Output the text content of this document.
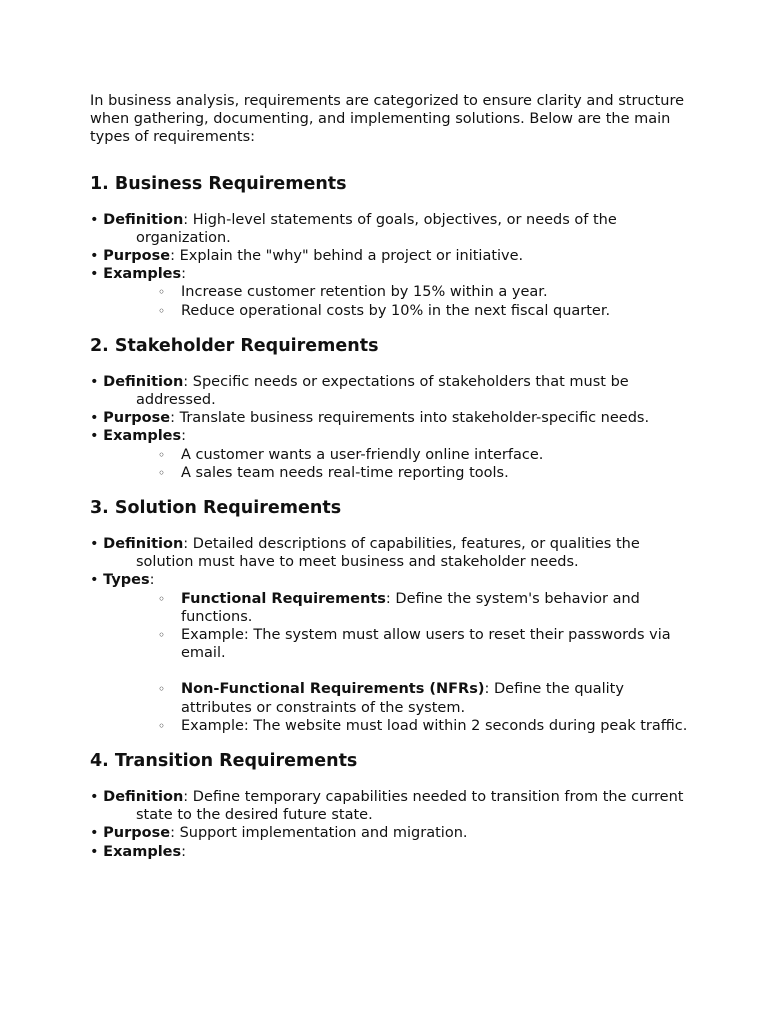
In business analysis, requirements are categorized to ensure clarity and structure when gathering, documenting, and implementing solutions. Below are the main types of requirements:

1. Business Requirements

• Definition: High-level statements of goals, objectives, or needs of the organization.

• Purpose: Explain the "why" behind a project or initiative.

• Examples:

◦ Increase customer retention by 15% within a year.
◦ Reduce operational costs by 10% in the next fiscal quarter.
2. Stakeholder Requirements

• Definition: Specific needs or expectations of stakeholders that must be addressed.

• Purpose: Translate business requirements into stakeholder-specific needs.

• Examples:

◦ A customer wants a user-friendly online interface.
◦ A sales team needs real-time reporting tools.
3. Solution Requirements

• Definition: Detailed descriptions of capabilities, features, or qualities the solution must have to meet business and stakeholder needs.

• Types:

◦ Functional Requirements: Define the system's behavior and functions.
◦ Example: The system must allow users to reset their passwords via email.
◦ Non-Functional Requirements (NFRs): Define the quality attributes or constraints of the system.
◦ Example: The website must load within 2 seconds during peak traffic.
4. Transition Requirements

• Definition: Define temporary capabilities needed to transition from the current state to the desired future state.

• Purpose: Support implementation and migration.

• Examples:
